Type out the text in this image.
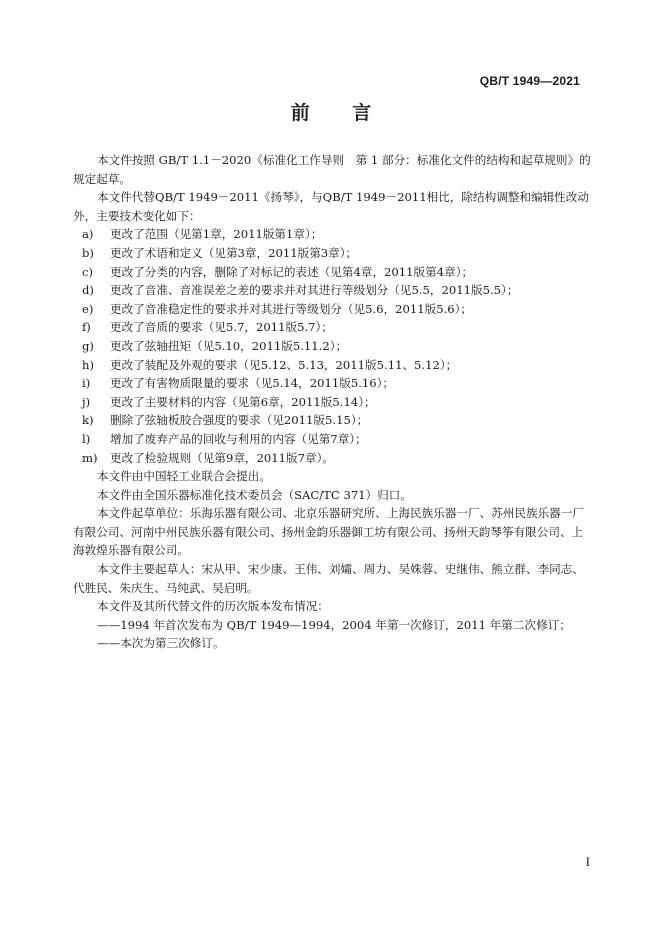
QB/T 1949—2021
前 言

本文件按照 GB/T 1.1－2020《标准化工作导则　第 1 部分：标准化文件的结构和起草规则》的规定起草。

本文件代替QB/T 1949－2011《扬琴》，与QB/T 1949－2011相比，除结构调整和编辑性改动外，主要技术变化如下：

a)	更改了范围（见第1章，2011版第1章）；
b)	更改了术语和定义（见第3章，2011版第3章）；
c)	更改了分类的内容，删除了对标记的表述（见第4章，2011版第4章）；
d)	更改了音准、音准误差之差的要求并对其进行等级划分（见5.5，2011版5.5）；
e)	更改了音准稳定性的要求并对其进行等级划分（见5.6，2011版5.6）；
f)	更改了音质的要求（见5.7，2011版5.7）；
g)	更改了弦轴扭矩（见5.10，2011版5.11.2）；
h)	更改了装配及外观的要求（见5.12、5.13，2011版5.11、5.12）；
i)	更改了有害物质限量的要求（见5.14，2011版5.16）；
j)	更改了主要材料的内容（见第6章，2011版5.14）；
k)	删除了弦轴板胶合强度的要求（见2011版5.15）；
l)	增加了废弃产品的回收与利用的内容（见第7章）；
m)	更改了检验规则（见第9章，2011版7章）。

本文件由中国轻工业联合会提出。

本文件由全国乐器标准化技术委员会（SAC/TC 371）归口。

本文件起草单位：乐海乐器有限公司、北京乐器研究所、上海民族乐器一厂、苏州民族乐器一厂有限公司、河南中州民族乐器有限公司、扬州金韵乐器御工坊有限公司、扬州天韵琴筝有限公司、上海敦煌乐器有限公司。

本文件主要起草人：宋从甲、宋少康、王伟、刘孀、周力、吴姝蓉、史继伟、熊立群、李同志、代胜民、朱庆生、马纯武、吴启明。

本文件及其所代替文件的历次版本发布情况：

——1994 年首次发布为 QB/T 1949—1994，2004 年第一次修订，2011 年第二次修订；

——本次为第三次修订。

I
